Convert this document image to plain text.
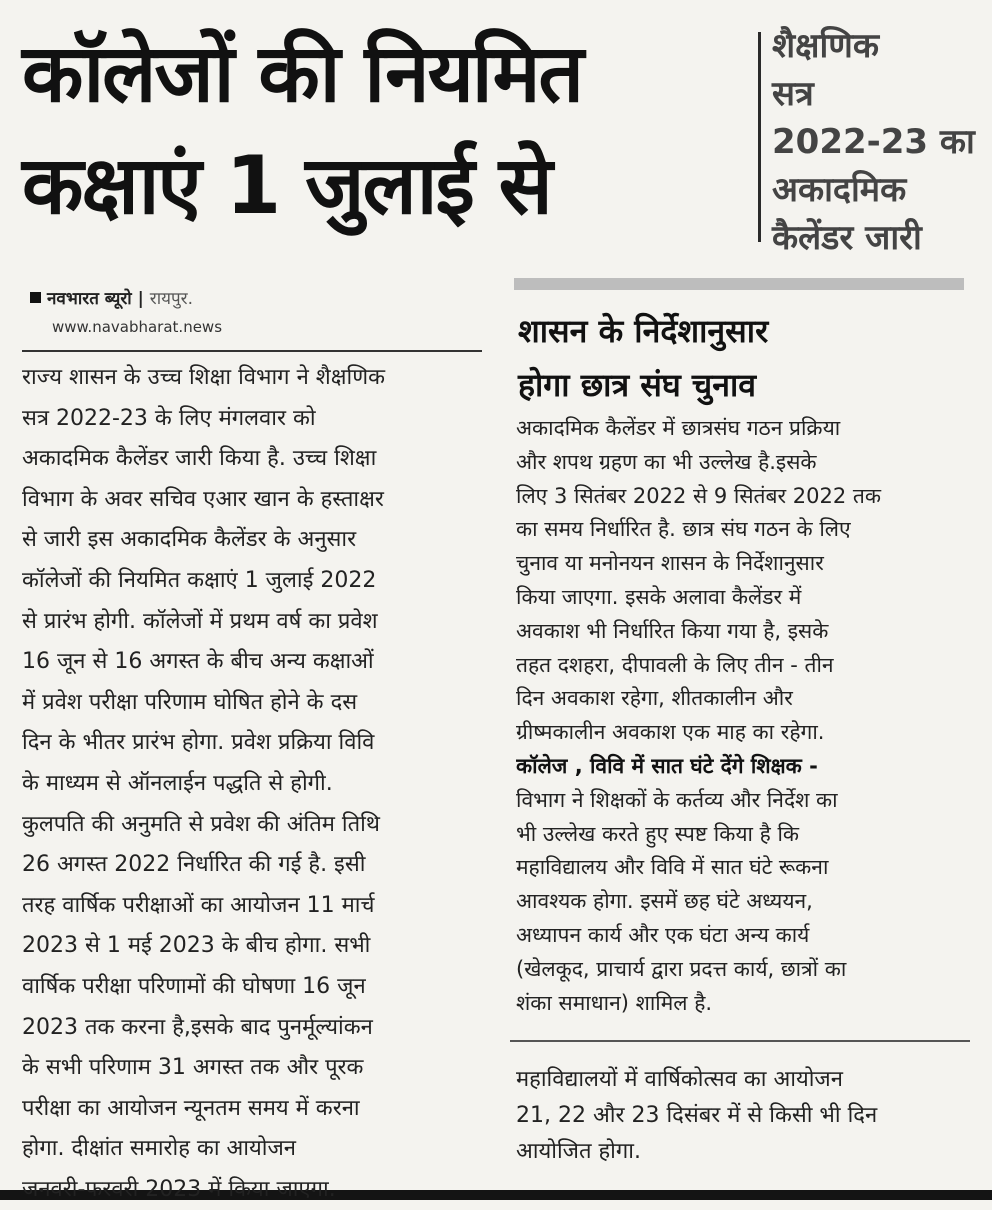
कॉलेजों की नियमित
कक्षाएं 1 जुलाई से
शैक्षणिक
सत्र
2022-23 का
अकादमिक
कैलेंडर जारी
नवभारत ब्यूरो | रायपुर.
www.navabharat.news
राज्य शासन के उच्च शिक्षा विभाग ने शैक्षणिक
सत्र 2022-23 के लिए मंगलवार को
अकादमिक कैलेंडर जारी किया है. उच्च शिक्षा
विभाग के अवर सचिव एआर खान के हस्ताक्षर
से जारी इस अकादमिक कैलेंडर के अनुसार
कॉलेजों की नियमित कक्षाएं 1 जुलाई 2022
से प्रारंभ होगी. कॉलेजों में प्रथम वर्ष का प्रवेश
16 जून से 16 अगस्त के बीच अन्य कक्षाओं
में प्रवेश परीक्षा परिणाम घोषित होने के दस
दिन के भीतर प्रारंभ होगा. प्रवेश प्रक्रिया विवि
के माध्यम से ऑनलाईन पद्धति से होगी.
कुलपति की अनुमति से प्रवेश की अंतिम तिथि
26 अगस्त 2022 निर्धारित की गई है. इसी
तरह वार्षिक परीक्षाओं का आयोजन 11 मार्च
2023 से 1 मई 2023 के बीच होगा. सभी
वार्षिक परीक्षा परिणामों की घोषणा 16 जून
2023 तक करना है,इसके बाद पुनर्मूल्यांकन
के सभी परिणाम 31 अगस्त तक और पूरक
परीक्षा का आयोजन न्यूनतम समय में करना
होगा. दीक्षांत समारोह का आयोजन
जनवरी-फरवरी 2023 में किया जाएगा.
शासन के निर्देशानुसार
होगा छात्र संघ चुनाव
अकादमिक कैलेंडर में छात्रसंघ गठन प्रक्रिया
और शपथ ग्रहण का भी उल्लेख है.इसके
लिए 3 सितंबर 2022 से 9 सितंबर 2022 तक
का समय निर्धारित है. छात्र संघ गठन के लिए
चुनाव या मनोनयन शासन के निर्देशानुसार
किया जाएगा. इसके अलावा कैलेंडर में
अवकाश भी निर्धारित किया गया है, इसके
तहत दशहरा, दीपावली के लिए तीन - तीन
दिन अवकाश रहेगा, शीतकालीन और
ग्रीष्मकालीन अवकाश एक माह का रहेगा.
कॉलेज , विवि में सात घंटे देंगे शिक्षक -
विभाग ने शिक्षकों के कर्तव्य और निर्देश का
भी उल्लेख करते हुए स्पष्ट किया है कि
महाविद्यालय और विवि में सात घंटे रूकना
आवश्यक होगा. इसमें छह घंटे अध्ययन,
अध्यापन कार्य और एक घंटा अन्य कार्य
(खेलकूद, प्राचार्य द्वारा प्रदत्त कार्य, छात्रों का
शंका समाधान) शामिल है.
महाविद्यालयों में वार्षिकोत्सव का आयोजन
21, 22 और 23 दिसंबर में से किसी भी दिन
आयोजित होगा.
